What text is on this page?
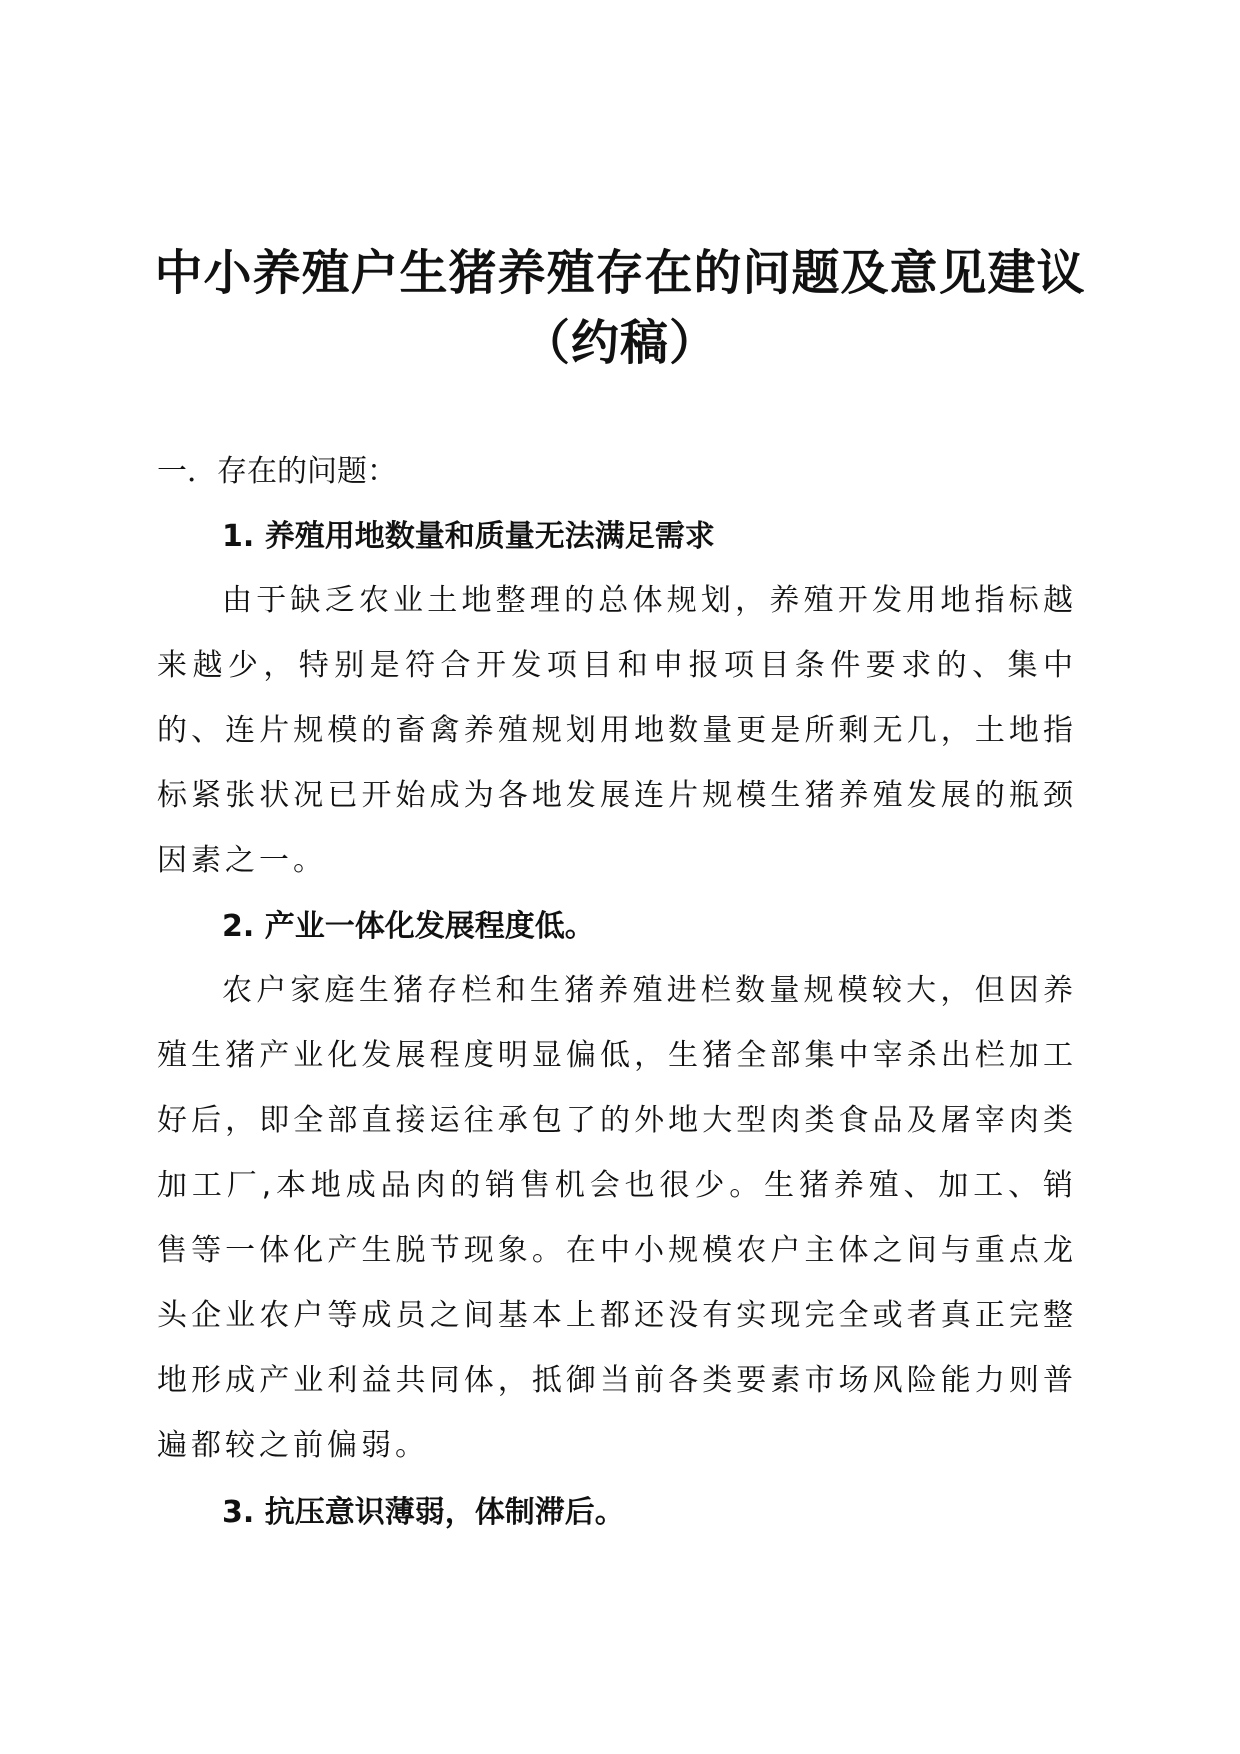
中小养殖户生猪养殖存在的问题及意见建议
（约稿）
一．存在的问题：
1. 养殖用地数量和质量无法满足需求

由于缺乏农业土地整理的总体规划，养殖开发用地指标越来越少，特别是符合开发项目和申报项目条件要求的、集中的、连片规模的畜禽养殖规划用地数量更是所剩无几，土地指标紧张状况已开始成为各地发展连片规模生猪养殖发展的瓶颈因素之一。

2. 产业一体化发展程度低。

农户家庭生猪存栏和生猪养殖进栏数量规模较大，但因养殖生猪产业化发展程度明显偏低，生猪全部集中宰杀出栏加工好后，即全部直接运往承包了的外地大型肉类食品及屠宰肉类加工厂,本地成品肉的销售机会也很少。生猪养殖、加工、销售等一体化产生脱节现象。在中小规模农户主体之间与重点龙头企业农户等成员之间基本上都还没有实现完全或者真正完整地形成产业利益共同体，抵御当前各类要素市场风险能力则普遍都较之前偏弱。

3. 抗压意识薄弱，体制滞后。
